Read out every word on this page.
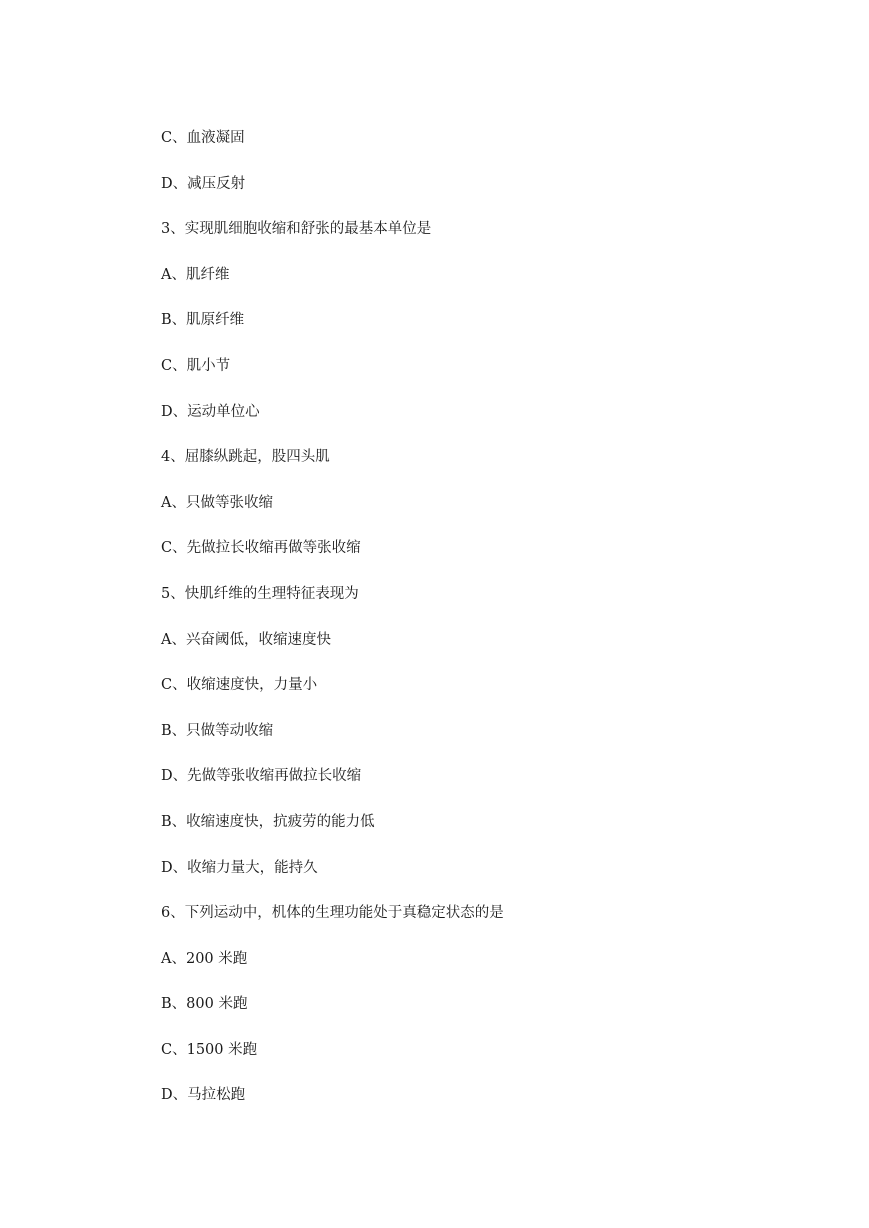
C、血液凝固
D、减压反射
3、实现肌细胞收缩和舒张的最基本单位是
A、肌纤维
B、肌原纤维
C、肌小节
D、运动单位心
4、屈膝纵跳起，股四头肌
A、只做等张收缩
C、先做拉长收缩再做等张收缩
5、快肌纤维的生理特征表现为
A、兴奋阈低，收缩速度快
C、收缩速度快，力量小
B、只做等动收缩
D、先做等张收缩再做拉长收缩
B、收缩速度快，抗疲劳的能力低
D、收缩力量大，能持久
6、下列运动中，机体的生理功能处于真稳定状态的是
A、200 米跑
B、800 米跑
C、1500 米跑
D、马拉松跑
